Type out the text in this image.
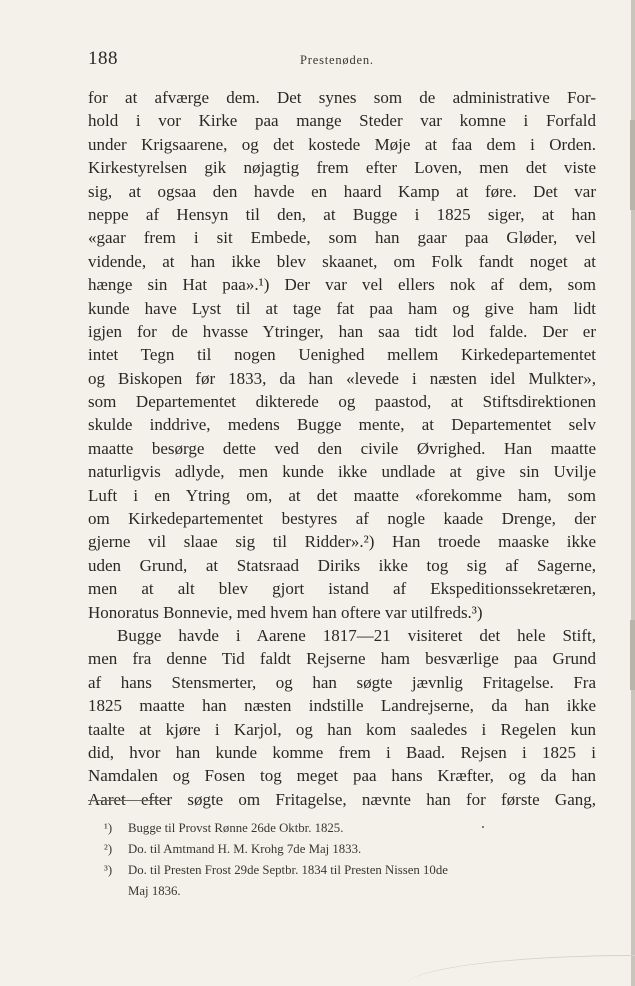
188	Prestenøden.
for at afværge dem. Det synes som de administrative For-
hold i vor Kirke paa mange Steder var komne i Forfald
under Krigsaarene, og det kostede Møje at faa dem i Orden.
Kirkestyrelsen gik nøjagtig frem efter Loven, men det viste
sig, at ogsaa den havde en haard Kamp at føre. Det var
neppe af Hensyn til den, at Bugge i 1825 siger, at han
«gaar frem i sit Embede, som han gaar paa Gløder, vel
vidende, at han ikke blev skaanet, om Folk fandt noget at
hænge sin Hat paa».¹) Der var vel ellers nok af dem, som
kunde have Lyst til at tage fat paa ham og give ham lidt
igjen for de hvasse Ytringer, han saa tidt lod falde. Der er
intet Tegn til nogen Uenighed mellem Kirkedepartementet
og Biskopen før 1833, da han «levede i næsten idel Mulkter»,
som Departementet dikterede og paastod, at Stiftsdirektionen
skulde inddrive, medens Bugge mente, at Departementet selv
maatte besørge dette ved den civile Øvrighed. Han maatte
naturligvis adlyde, men kunde ikke undlade at give sin Uvilje
Luft i en Ytring om, at det maatte «forekomme ham, som
om Kirkedepartementet bestyres af nogle kaade Drenge, der
gjerne vil slaae sig til Ridder».²) Han troede maaske ikke
uden Grund, at Statsraad Diriks ikke tog sig af Sagerne,
men at alt blev gjort istand af Ekspeditionssekretæren,
Honoratus Bonnevie, med hvem han oftere var utilfreds.³)
Bugge havde i Aarene 1817—21 visiteret det hele Stift,
men fra denne Tid faldt Rejserne ham besværlige paa Grund
af hans Stensmerter, og han søgte jævnlig Fritagelse. Fra
1825 maatte han næsten indstille Landrejserne, da han ikke
taalte at kjøre i Karjol, og han kom saaledes i Regelen kun
did, hvor han kunde komme frem i Baad. Rejsen i 1825 i
Namdalen og Fosen tog meget paa hans Kræfter, og da han
Aaret efter søgte om Fritagelse, nævnte han for første Gang,
¹) Bugge til Provst Rønne 26de Oktbr. 1825.
²) Do. til Amtmand H. M. Krohg 7de Maj 1833.
³) Do. til Presten Frost 29de Septbr. 1834 til Presten Nissen 10de
Maj 1836.
